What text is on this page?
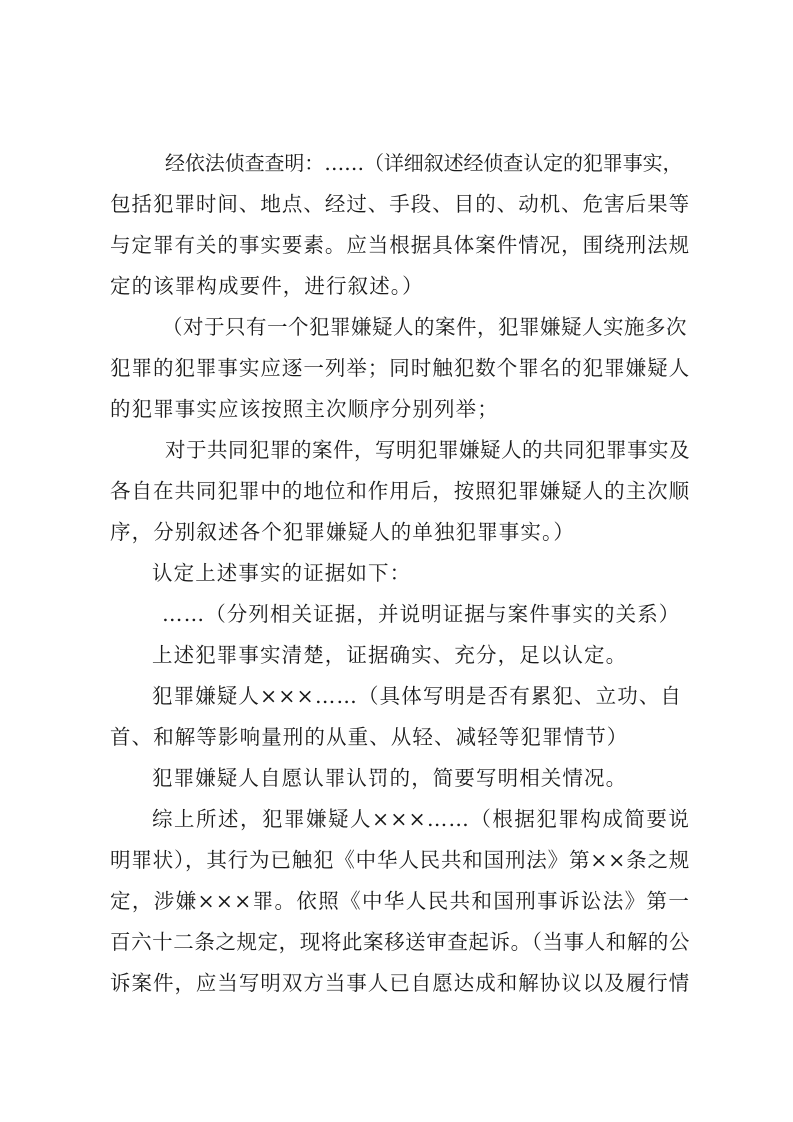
经依法侦查查明：……（详细叙述经侦查认定的犯罪事实，
包括犯罪时间、地点、经过、手段、目的、动机、危害后果等
与定罪有关的事实要素。应当根据具体案件情况，围绕刑法规
定的该罪构成要件，进行叙述。）
（对于只有一个犯罪嫌疑人的案件，犯罪嫌疑人实施多次
犯罪的犯罪事实应逐一列举；同时触犯数个罪名的犯罪嫌疑人
的犯罪事实应该按照主次顺序分别列举；
对于共同犯罪的案件，写明犯罪嫌疑人的共同犯罪事实及
各自在共同犯罪中的地位和作用后，按照犯罪嫌疑人的主次顺
序，分别叙述各个犯罪嫌疑人的单独犯罪事实。）
认定上述事实的证据如下：
……（分列相关证据，并说明证据与案件事实的关系）
上述犯罪事实清楚，证据确实、充分，足以认定。
犯罪嫌疑人×××……（具体写明是否有累犯、立功、自
首、和解等影响量刑的从重、从轻、减轻等犯罪情节）
犯罪嫌疑人自愿认罪认罚的，简要写明相关情况。
综上所述，犯罪嫌疑人×××……（根据犯罪构成简要说
明罪状），其行为已触犯《中华人民共和国刑法》第××条之规
定，涉嫌×××罪。依照《中华人民共和国刑事诉讼法》第一
百六十二条之规定，现将此案移送审查起诉。（当事人和解的公
诉案件，应当写明双方当事人已自愿达成和解协议以及履行情
